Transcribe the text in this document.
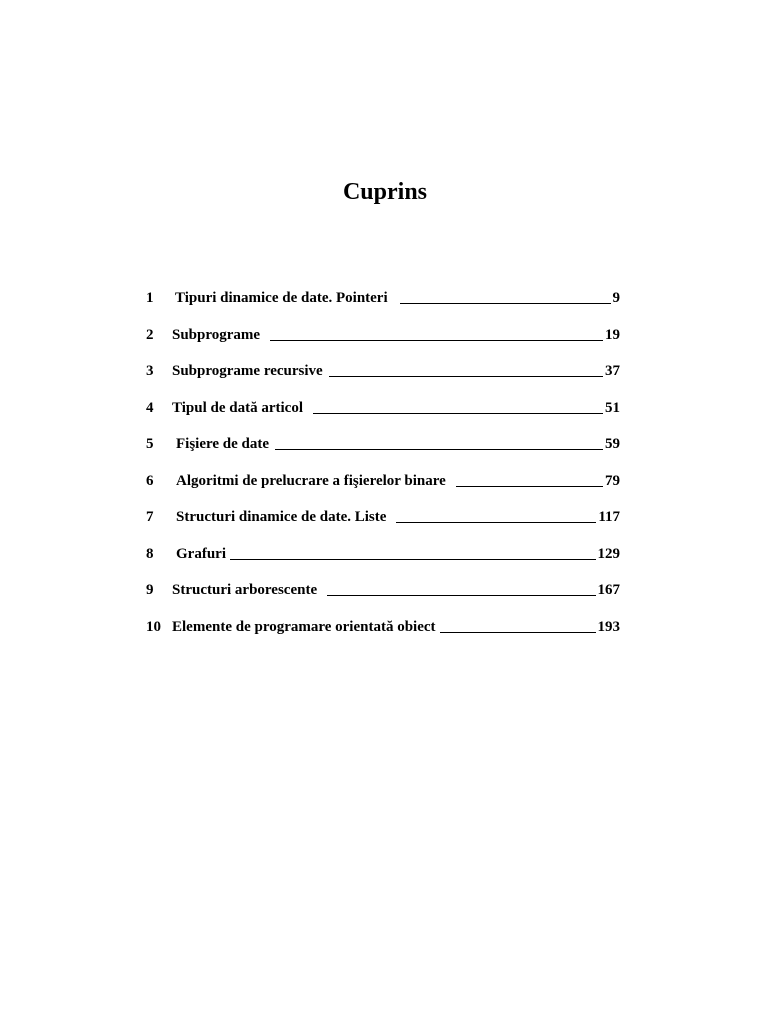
Cuprins
1	Tipuri dinamice de date. Pointeri	9
2	Subprograme	19
3	Subprograme recursive	37
4	Tipul de dată articol	51
5	Fişiere de date	59
6	Algoritmi de prelucrare a fişierelor binare	79
7	Structuri dinamice de date. Liste	117
8	Grafuri	129
9	Structuri arborescente	167
10 Elemente de programare orientată obiect	193
